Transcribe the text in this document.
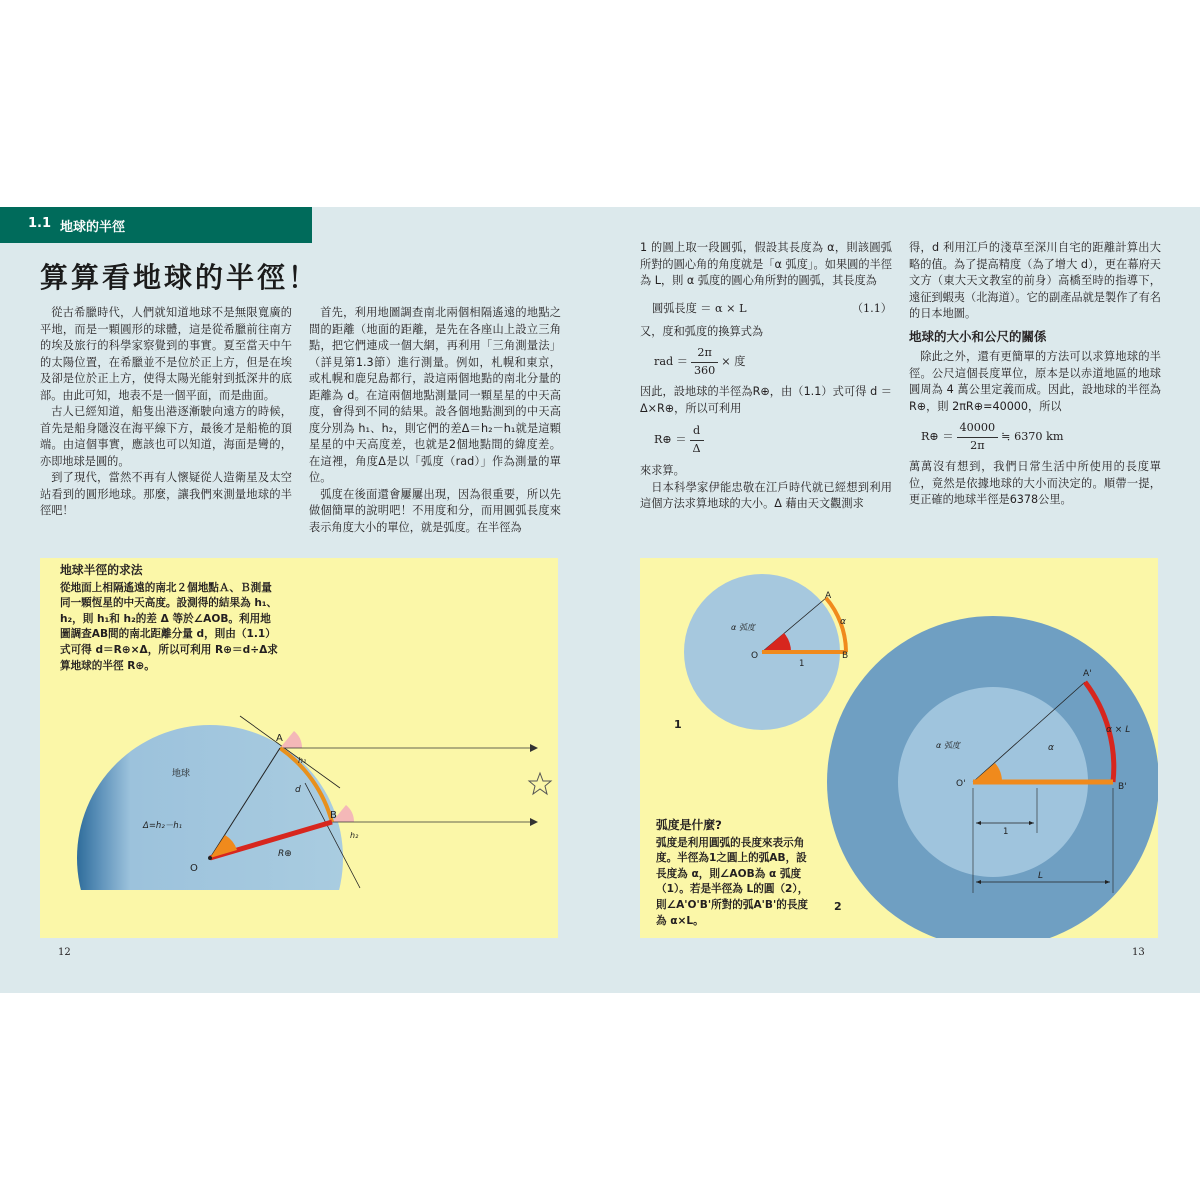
1.1 地球的半徑
算算看地球的半徑！

從古希臘時代，人們就知道地球不是無限寬廣的平地，而是一顆圓形的球體，這是從希臘前往南方的埃及旅行的科學家察覺到的事實。夏至當天中午的太陽位置，在希臘並不是位於正上方，但是在埃及卻是位於正上方，使得太陽光能射到抵深井的底部。由此可知，地表不是一個平面，而是曲面。

古人已經知道，船隻出港逐漸駛向遠方的時候，首先是船身隱沒在海平線下方，最後才是船桅的頂端。由這個事實，應該也可以知道，海面是彎的，亦即地球是圓的。

到了現代，當然不再有人懷疑從人造衛星及太空站看到的圓形地球。那麼，讓我們來測量地球的半徑吧！

首先，利用地圖調查南北兩個相隔遙遠的地點之間的距離（地面的距離，是先在各座山上設立三角點，把它們連成一個大網，再利用「三角測量法」（詳見第1.3節）進行測量。例如，札幌和東京，或札幌和鹿兒島都行，設這兩個地點的南北分量的距離為 d。在這兩個地點測量同一顆星星的中天高度，會得到不同的結果。設各個地點測到的中天高度分別為 h₁、h₂，則它們的差Δ＝h₂－h₁就是這顆星星的中天高度差，也就是2個地點間的緯度差。在這裡，角度Δ是以「弧度（rad）」作為測量的單位。

弧度在後面還會屢屢出現，因為很重要，所以先做個簡單的說明吧！不用度和分，而用圓弧長度來表示角度大小的單位，就是弧度。在半徑為

1 的圓上取一段圓弧，假設其長度為 α，則該圓弧所對的圓心角的角度就是「α 弧度」。如果圓的半徑為 L，則 α 弧度的圓心角所對的圓弧，其長度為

圓弧長度 ＝ α × L	（1.1）

又，度和弧度的換算式為

rad ＝ $\frac{2\pi}{360}$ × 度

因此，設地球的半徑為R⊕，由（1.1）式可得 d ＝ Δ×R⊕，所以可利用

R⊕ ＝ $\frac{d}{\Delta}$

來求算。

日本科學家伊能忠敬在江戶時代就已經想到利用這個方法求算地球的大小。Δ 藉由天文觀測求

得，d 利用江戶的淺草至深川自宅的距離計算出大略的值。為了提高精度（為了增大 d），更在幕府天文方（東大天文教室的前身）高橋至時的指導下，遠征到蝦夷（北海道）。它的副產品就是製作了有名的日本地圖。

地球的大小和公尺的關係

除此之外，還有更簡單的方法可以求算地球的半徑。公尺這個長度單位，原本是以赤道地區的地球圓周為 4 萬公里定義而成。因此，設地球的半徑為 R⊕，則 2πR⊕=40000，所以

R⊕ ＝ $\frac{40000}{2\pi}$ ≒ 6370 km

萬萬沒有想到，我們日常生活中所使用的長度單位，竟然是依據地球的大小而決定的。順帶一提，更正確的地球半徑是6378公里。

地球半徑的求法
從地面上相隔遙遠的南北２個地點Ａ、Ｂ測量同一顆恆星的中天高度。設測得的結果為 h₁、h₂，則 h₁和 h₂的差 Δ 等於∠AOB。利用地圖調查AB間的南北距離分量 d，則由（1.1）式可得 d＝R⊕×Δ，所以可利用 R⊕＝d÷Δ求算地球的半徑 R⊕。
地球
A
B
O
h₁
h₂
d
R⊕
Δ=h₂－h₁
A
B
O
α 弧度
α
1
1
A'
B'
O'
α 弧度	α
α × L
1
L
2
弧度是什麼?
弧度是利用圓弧的長度來表示角度。半徑為1之圓上的弧AB，設長度為 α，則∠AOB為 α 弧度（1）。若是半徑為 L的圓（2），則∠A'O'B'所對的弧A'B'的長度為 α×L。
12	13
